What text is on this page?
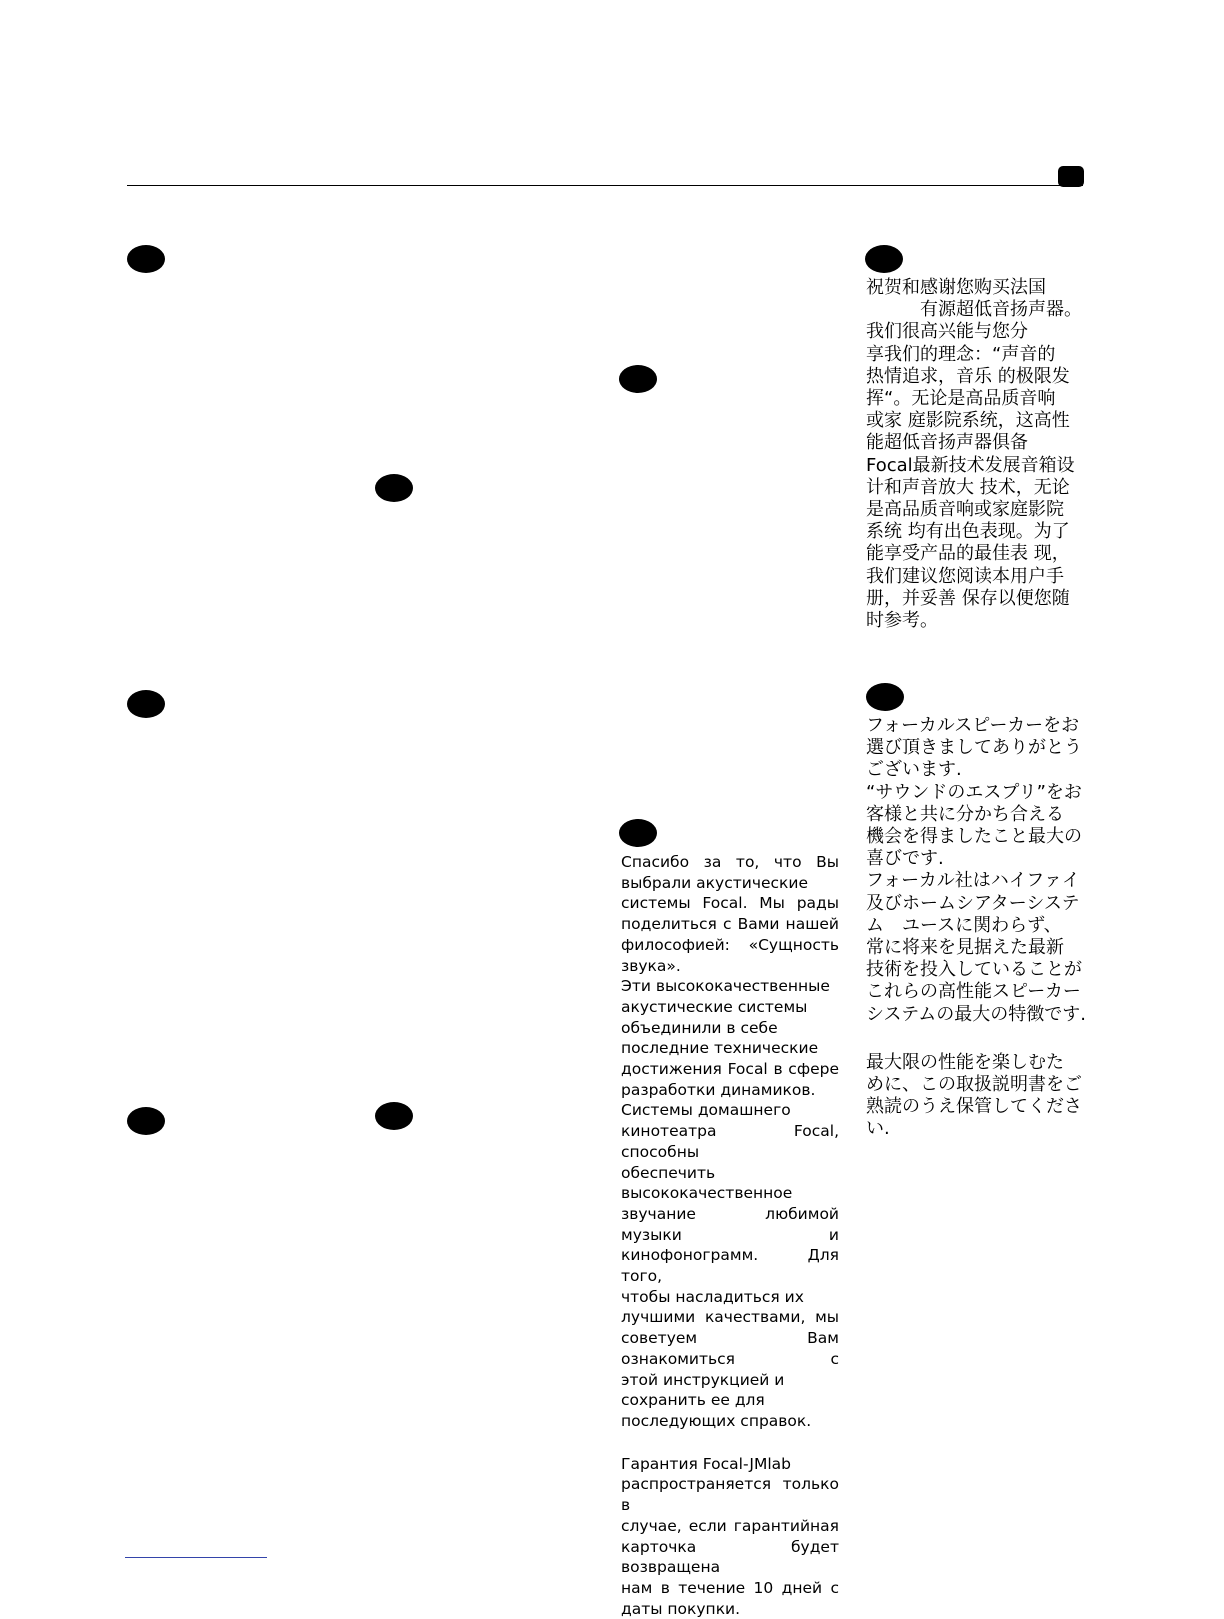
Спасибо за то, что Вы

выбрали акустические

системы Focal. Мы рады

поделиться с Вами нашей

философией: «Сущность

звука».

Эти высококачественные

акустические системы

объединили в себе

последние технические

достижения Focal в сфере

разработки динамиков.

Системы домашнего

кинотеатра Focal, способны

обеспечить

высококачественное

звучание любимой музыки и

кинофонограмм. Для того,

чтобы насладиться их

лучшими качествами, мы

советуем Вам ознакомиться с

этой инструкцией и

сохранить ее для

последующих справок.

Гарантия Focal-JMlab

распространяется только в

случае, если гарантийная

карточка будет возвращена

нам в течение 10 дней с

даты покупки.

祝贺和感谢您购买法国

　　　有源超低音扬声器。

我们很高兴能与您分

享我们的理念：“声音的

热情追求，音乐 的极限发

挥“。无论是高品质音响

或家 庭影院系统，这高性

能超低音扬声器俱备

Focal最新技术发展音箱设

计和声音放大 技术，无论

是高品质音响或家庭影院

系统 均有出色表现。为了

能享受产品的最佳表 现，

我们建议您阅读本用户手

册，并妥善 保存以便您随

时参考。

フォーカルスピーカーをお

選び頂きましてありがとう

ございます.

“サウンドのエスプリ”をお

客様と共に分かち合える

機会を得ましたこと最大の

喜びです.

フォーカル社はハイファイ

及びホームシアターシステ

ム　ユースに関わらず、

常に将来を見据えた最新

技術を投入していることが

これらの高性能スピーカー

システムの最大の特徴です.

最大限の性能を楽しむた

めに、この取扱説明書をご

熟読のうえ保管してくださ

い.
